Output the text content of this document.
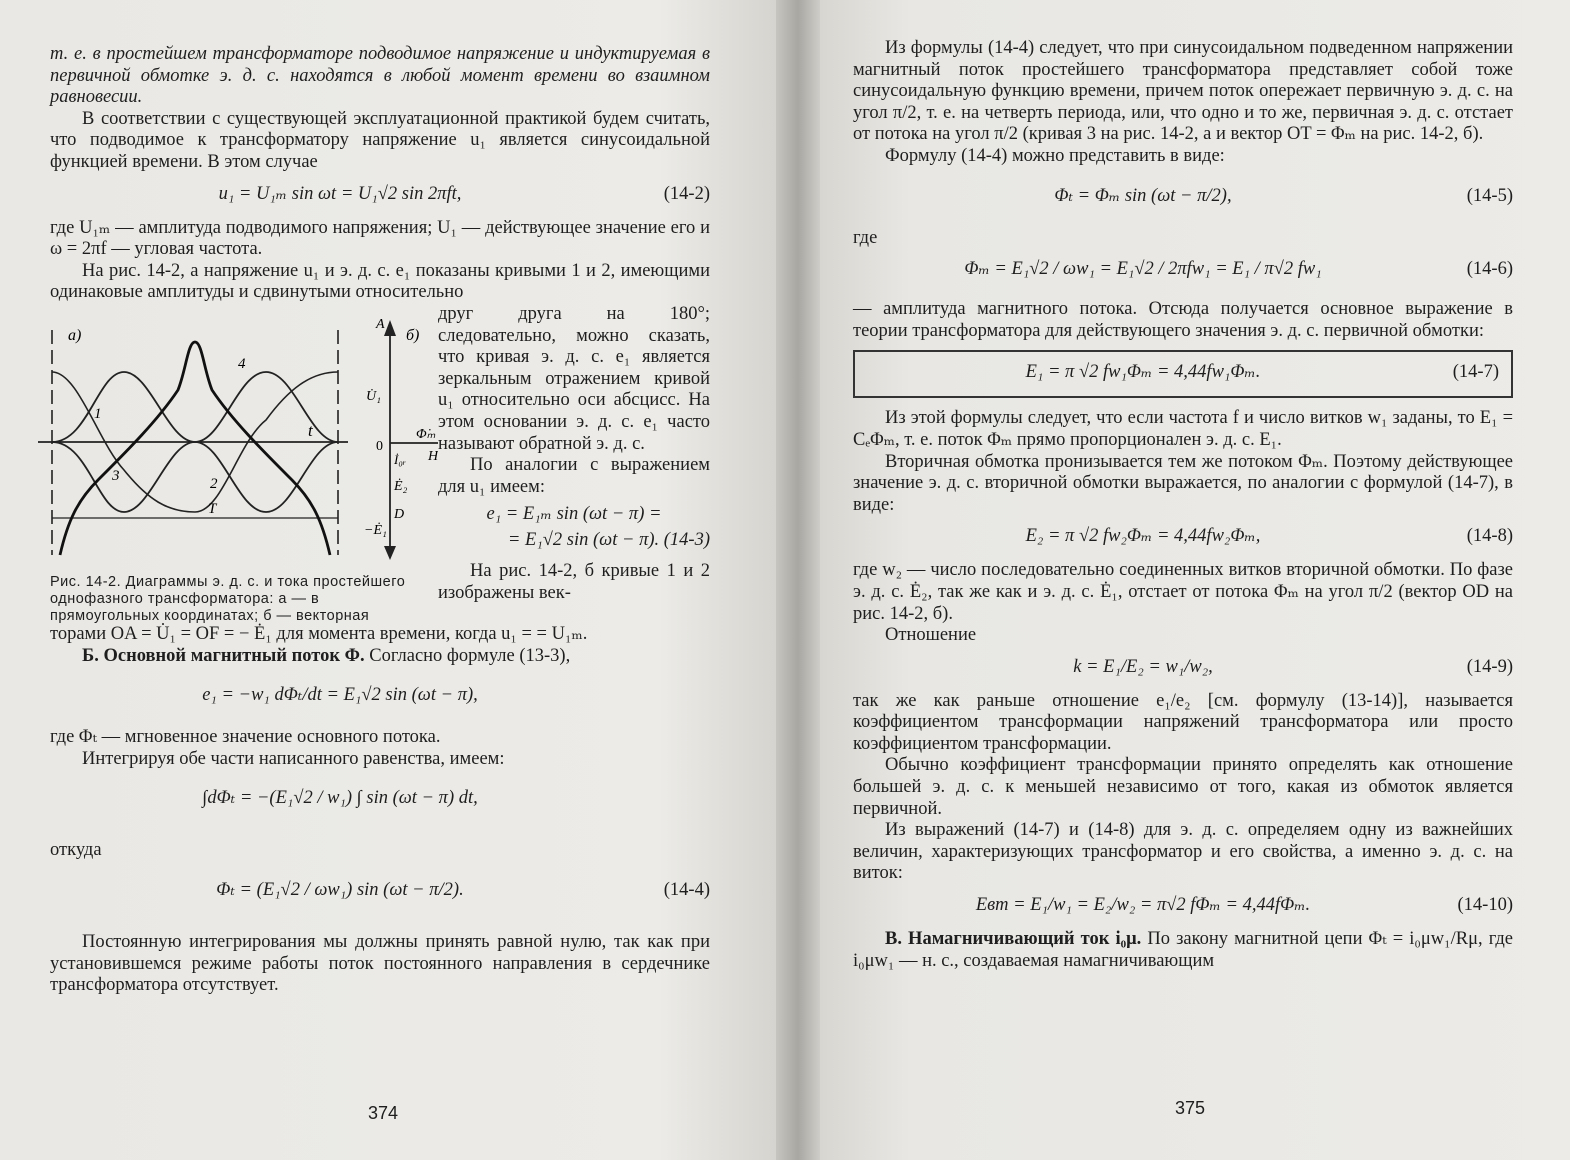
т. е. в простейшем трансформаторе подводимое напряжение и индуктируемая в первичной обмотке э. д. с. находятся в любой момент времени во взаимном равновесии.

В соответствии с существующей эксплуатационной практикой будем считать, что подводимое к трансформатору напряжение u₁ является синусоидальной функцией времени. В этом случае

u₁ = U₁ₘ sin ωt = U₁√2 sin 2πft,	(14-2)

где U₁ₘ — амплитуда подводимого напряжения; U₁ — действующее значение его и ω = 2πf — угловая частота.

На рис. 14-2, а напряжение u₁ и э. д. с. e₁ показаны кривыми 1 и 2, имеющими одинаковые амплитуды и сдвинутыми относительно

а)
1
2
3
4
t
T
A
б)
U̇₁
0
Φ̇ₘ
H
İ₀ᵣ
Ė₂
D
−Ė₁
Рис. 14-2. Диаграммы э. д. с. и тока простейшего однофазного трансформатора: а — в прямоугольных координатах; б — векторная

друг друга на 180°; следовательно, можно сказать, что кривая э. д. с. e₁ является зеркальным отражением кривой u₁ относительно оси абсцисс. На этом основании э. д. с. e₁ часто называют обратной э. д. с.

По аналогии с выражением для u₁ имеем:

e₁ = E₁ₘ sin (ωt − π) =

= E₁√2 sin (ωt − π). (14-3)

На рис. 14-2, б кривые 1 и 2 изображены век-

торами OA = U̇₁ = OF = − Ė₁ для момента времени, когда u₁ = = U₁ₘ.

Б. Основной магнитный поток Φ. Согласно формуле (13-3),

e₁ = −w₁ dΦₜ/dt = E₁√2 sin (ωt − π),

где Φₜ — мгновенное значение основного потока.

Интегрируя обе части написанного равенства, имеем:

∫dΦₜ = −(E₁√2 / w₁) ∫ sin (ωt − π) dt,

откуда

Φₜ = (E₁√2 / ωw₁) sin (ωt − π/2).	(14-4)

Постоянную интегрирования мы должны принять равной нулю, так как при установившемся режиме работы поток постоянного направления в сердечнике трансформатора отсутствует.

374

Из формулы (14-4) следует, что при синусоидальном подведенном напряжении магнитный поток простейшего трансформатора представляет собой тоже синусоидальную функцию времени, причем поток опережает первичную э. д. с. на угол π/2, т. е. на четверть периода, или, что одно и то же, первичная э. д. с. отстает от потока на угол π/2 (кривая 3 на рис. 14-2, а и вектор OT = Φₘ на рис. 14-2, б).

Формулу (14-4) можно представить в виде:

Φₜ = Φₘ sin (ωt − π/2),	(14-5)

где

Φₘ = E₁√2 / ωw₁ = E₁√2 / 2πfw₁ = E₁ / π√2 fw₁	(14-6)

— амплитуда магнитного потока. Отсюда получается основное выражение в теории трансформатора для действующего значения э. д. с. первичной обмотки:

E₁ = π √2 fw₁Φₘ = 4,44fw₁Φₘ.	(14-7)

Из этой формулы следует, что если частота f и число витков w₁ заданы, то E₁ = CₑΦₘ, т. е. поток Φₘ прямо пропорционален э. д. с. E₁.

Вторичная обмотка пронизывается тем же потоком Φₘ. Поэтому действующее значение э. д. с. вторичной обмотки выражается, по аналогии с формулой (14-7), в виде:

E₂ = π √2 fw₂Φₘ = 4,44fw₂Φₘ,	(14-8)

где w₂ — число последовательно соединенных витков вторичной обмотки. По фазе э. д. с. Ė₂, так же как и э. д. с. Ė₁, отстает от потока Φₘ на угол π/2 (вектор OD на рис. 14-2, б).

Отношение

k = E₁/E₂ = w₁/w₂,	(14-9)

так же как раньше отношение e₁/e₂ [см. формулу (13-14)], называется коэффициентом трансформации напряжений трансформатора или просто коэффициентом трансформации.

Обычно коэффициент трансформации принято определять как отношение большей э. д. с. к меньшей независимо от того, какая из обмоток является первичной.

Из выражений (14-7) и (14-8) для э. д. с. определяем одну из важнейших величин, характеризующих трансформатор и его свойства, а именно э. д. с. на виток:

Eвт = E₁/w₁ = E₂/w₂ = π√2 fΦₘ = 4,44fΦₘ.	(14-10)

В. Намагничивающий ток i₀μ. По закону магнитной цепи Φₜ = i₀μw₁/Rμ, где i₀μw₁ — н. с., создаваемая намагничивающим

375
